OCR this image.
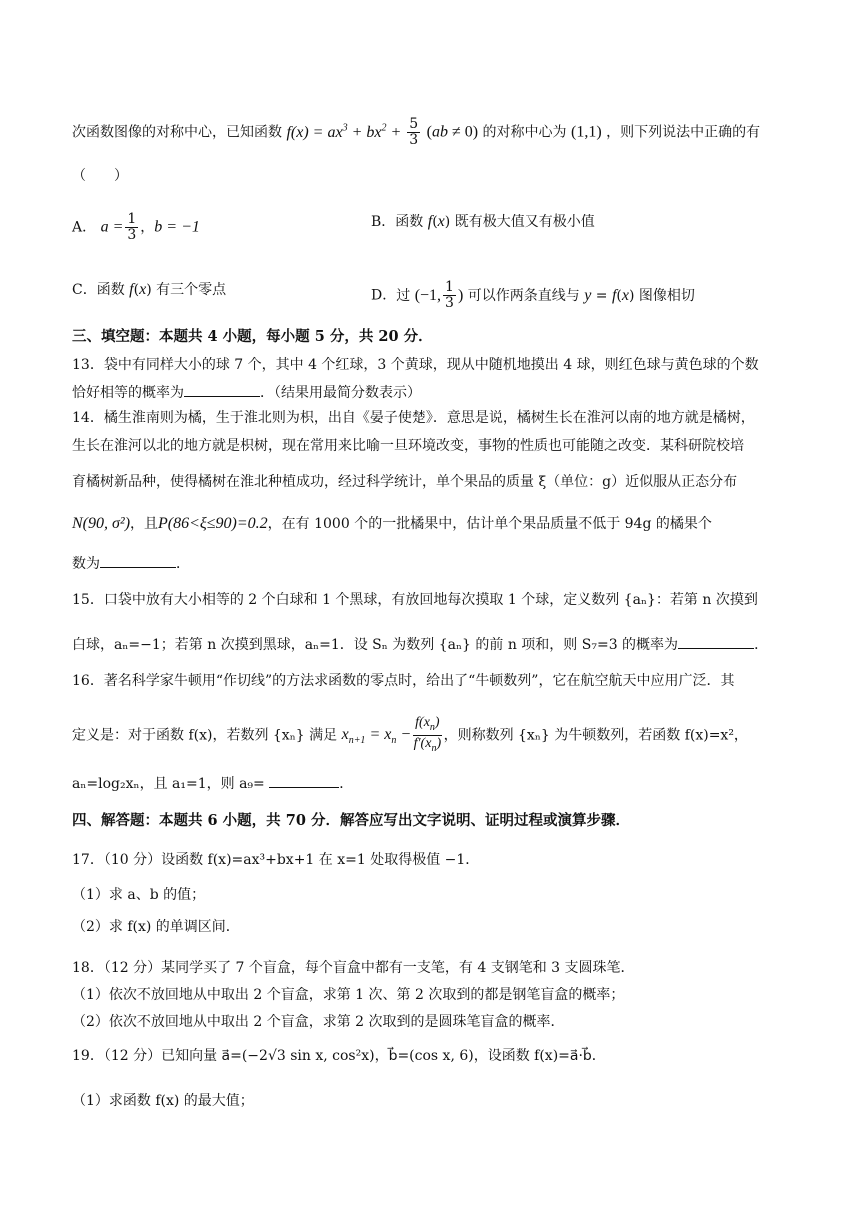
次函数图像的对称中心，已知函数 $f(x) = ax^3 + bx^2 + \frac{5}{3} (ab \ne 0)$ 的对称中心为 (1,1) ，则下列说法中正确的有
（　　）
A． $a = \frac{1}{3}$ ，b = −1	B．函数 f(x) 既有极大值又有极小值
C．函数 f(x) 有三个零点	D．过 (−1, $\frac{1}{3}$ ) 可以作两条直线与 y = f(x) 图像相切
三、填空题：本题共 4 小题，每小题 5 分，共 20 分．
13．袋中有同样大小的球 7 个，其中 4 个红球，3 个黄球，现从中随机地摸出 4 球，则红色球与黄色球的个数
恰好相等的概率为	．（结果用最简分数表示）
14．橘生淮南则为橘，生于淮北则为枳，出自《晏子使楚》．意思是说，橘树生长在淮河以南的地方就是橘树，
生长在淮河以北的地方就是枳树，现在常用来比喻一旦环境改变，事物的性质也可能随之改变．某科研院校培
育橘树新品种，使得橘树在淮北种植成功，经过科学统计，单个果品的质量 ξ（单位：g）近似服从正态分布
N(90, σ²)，且P(86<ξ≤90)=0.2，在有 1000 个的一批橘果中，估计单个果品质量不低于 94g 的橘果个
数为	．
15．口袋中放有大小相等的 2 个白球和 1 个黑球，有放回地每次摸取 1 个球，定义数列 {aₙ}：若第 n 次摸到
白球，aₙ=−1；若第 n 次摸到黑球，aₙ=1．设 Sₙ 为数列 {aₙ} 的前 n 项和，则 S₇=3 的概率为	．
16．著名科学家牛顿用“作切线”的方法求函数的零点时，给出了“牛顿数列”，它在航空航天中应用广泛．其
定义是：对于函数 f(x)，若数列 {xₙ} 满足 $x_{n+1} = x_n - \frac{f(x_n)}{f'(x_n)}$ ，则称数列 {xₙ} 为牛顿数列，若函数 f(x)=x²，
aₙ=log₂xₙ，且 a₁=1，则 a₉=	．
四、解答题：本题共 6 小题，共 70 分．解答应写出文字说明、证明过程或演算步骤．
17．（10 分）设函数 f(x)=ax³+bx+1 在 x=1 处取得极值 −1．
（1）求 a、b 的值；
（2）求 f(x) 的单调区间．
18．（12 分）某同学买了 7 个盲盒，每个盲盒中都有一支笔，有 4 支钢笔和 3 支圆珠笔．
（1）依次不放回地从中取出 2 个盲盒，求第 1 次、第 2 次取到的都是钢笔盲盒的概率；
（2）依次不放回地从中取出 2 个盲盒，求第 2 次取到的是圆珠笔盲盒的概率．
19．（12 分）已知向量 a⃗=(−2√3 sin x, cos²x)，b⃗=(cos x, 6)，设函数 f(x)=a⃗·b⃗．
（1）求函数 f(x) 的最大值；
